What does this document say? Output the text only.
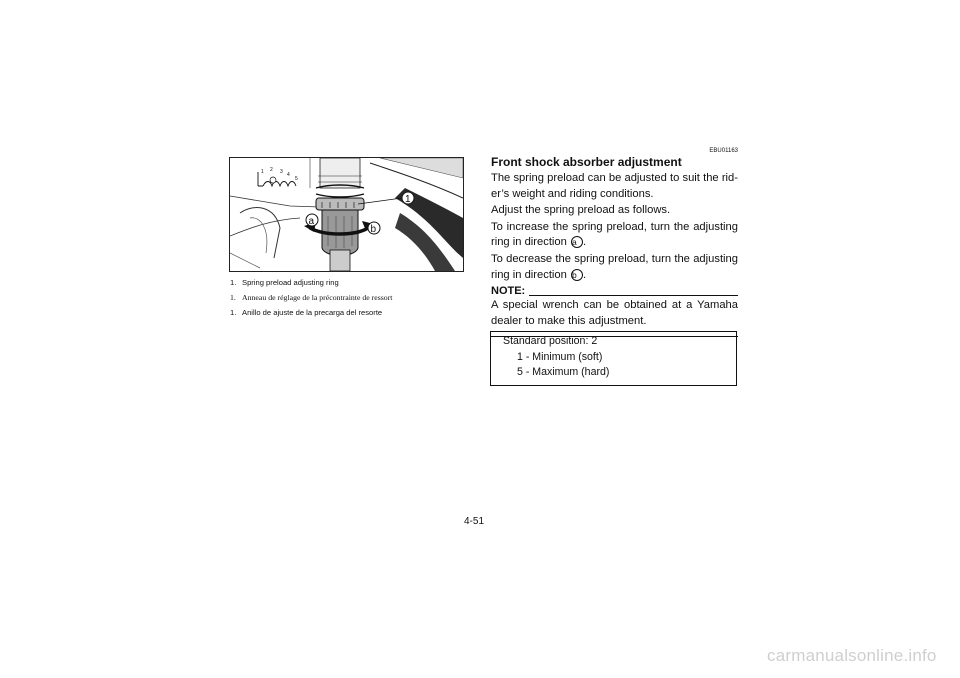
1 2 3 4
5
1
a
b
1. Spring preload adjusting ring
1. Anneau de réglage de la précontrainte de ressort
1. Anillo de ajuste de la precarga del resorte
EBU01163
Front shock absorber adjustment

The spring preload can be adjusted to suit the rid-er’s weight and riding conditions.

Adjust the spring preload as follows.

To increase the spring preload, turn the adjusting ring in direction a .

To decrease the spring preload, turn the adjusting ring in direction b .

NOTE:

A special wrench can be obtained at a Yamaha dealer to make this adjustment.

Standard position: 2
1 - Minimum (soft)
5 - Maximum (hard)
4-51
carmanualsonline.info
